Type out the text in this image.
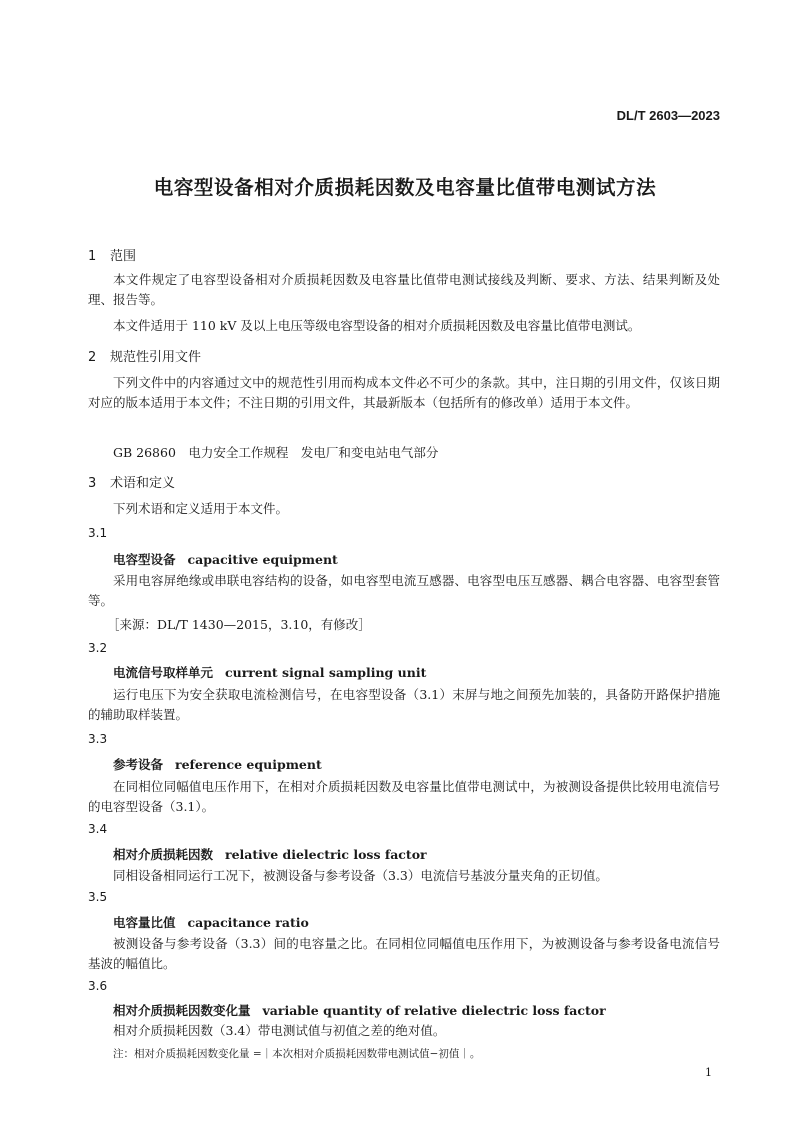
DL/T 2603—2023
电容型设备相对介质损耗因数及电容量比值带电测试方法
1 范围
本文件规定了电容型设备相对介质损耗因数及电容量比值带电测试接线及判断、要求、方法、结果判断及处理、报告等。
本文件适用于 110 kV 及以上电压等级电容型设备的相对介质损耗因数及电容量比值带电测试。
2 规范性引用文件
下列文件中的内容通过文中的规范性引用而构成本文件必不可少的条款。其中，注日期的引用文件，仅该日期对应的版本适用于本文件；不注日期的引用文件，其最新版本（包括所有的修改单）适用于本文件。
GB 26860　电力安全工作规程　发电厂和变电站电气部分
3 术语和定义
下列术语和定义适用于本文件。
3.1
电容型设备 capacitive equipment
采用电容屏绝缘或串联电容结构的设备，如电容型电流互感器、电容型电压互感器、耦合电容器、电容型套管等。
［来源：DL/T 1430—2015，3.10，有修改］
3.2
电流信号取样单元 current signal sampling unit
运行电压下为安全获取电流检测信号，在电容型设备（3.1）末屏与地之间预先加装的，具备防开路保护措施的辅助取样装置。
3.3
参考设备 reference equipment
在同相位同幅值电压作用下，在相对介质损耗因数及电容量比值带电测试中，为被测设备提供比较用电流信号的电容型设备（3.1）。
3.4
相对介质损耗因数 relative dielectric loss factor
同相设备相同运行工况下，被测设备与参考设备（3.3）电流信号基波分量夹角的正切值。
3.5
电容量比值 capacitance ratio
被测设备与参考设备（3.3）间的电容量之比。在同相位同幅值电压作用下，为被测设备与参考设备电流信号基波的幅值比。
3.6
相对介质损耗因数变化量 variable quantity of relative dielectric loss factor
相对介质损耗因数（3.4）带电测试值与初值之差的绝对值。
注：相对介质损耗因数变化量 =｜本次相对介质损耗因数带电测试值−初值｜。
1
